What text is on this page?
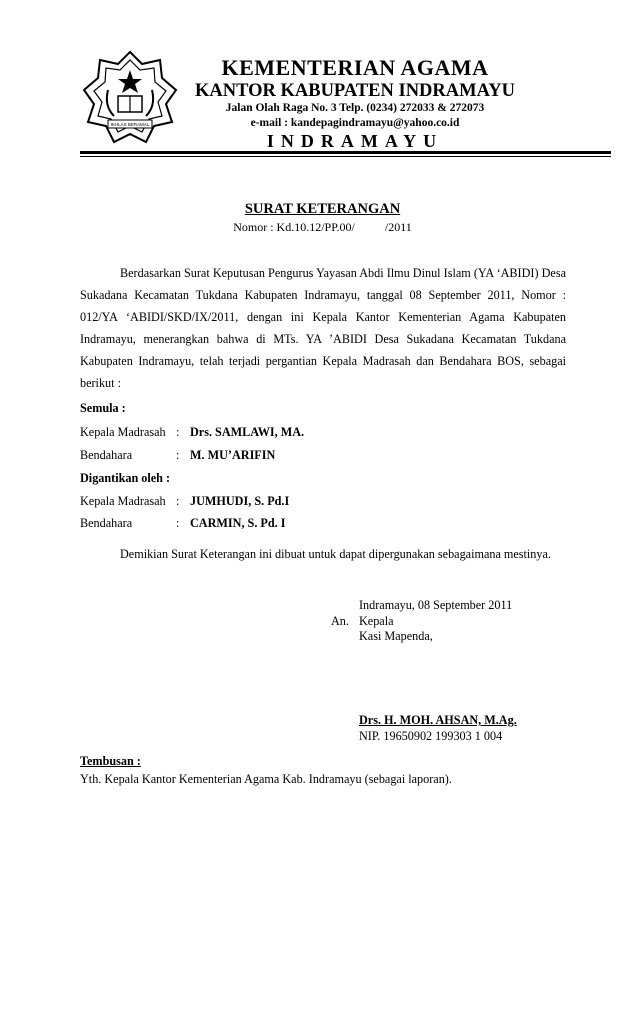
IKHLAS BERAMAL
KEMENTERIAN AGAMA
KANTOR KABUPATEN INDRAMAYU
Jalan Olah Raga No. 3 Telp. (0234) 272033 & 272073
e-mail : kandepagindramayu@yahoo.co.id
INDRAMAYU
SURAT KETERANGAN
Nomor : Kd.10.12/PP.00/          /2011
Berdasarkan Surat Keputusan Pengurus Yayasan Abdi Ilmu Dinul Islam (YA ‘ABIDI) Desa Sukadana Kecamatan Tukdana Kabupaten Indramayu, tanggal 08 September 2011, Nomor : 012/YA ‘ABIDI/SKD/IX/2011, dengan ini Kepala Kantor Kementerian Agama Kabupaten Indramayu, menerangkan bahwa di MTs. YA ’ABIDI Desa Sukadana Kecamatan Tukdana Kabupaten Indramayu, telah terjadi pergantian Kepala Madrasah dan Bendahara BOS, sebagai berikut :
Semula :
Kepala Madrasah : Drs. SAMLAWI, MA.
Bendahara	: M. MU’ARIFIN
Digantikan oleh :
Kepala Madrasah : JUMHUDI, S. Pd.I
Bendahara	: CARMIN, S. Pd. I
Demikian Surat Keterangan ini dibuat untuk dapat dipergunakan sebagaimana mestinya.
Indramayu, 08 September 2011
An. Kepala
Kasi Mapenda,
Drs. H. MOH. AHSAN, M.Ag.
NIP. 19650902 199303 1 004
Tembusan :
Yth. Kepala Kantor Kementerian Agama Kab. Indramayu (sebagai laporan).
